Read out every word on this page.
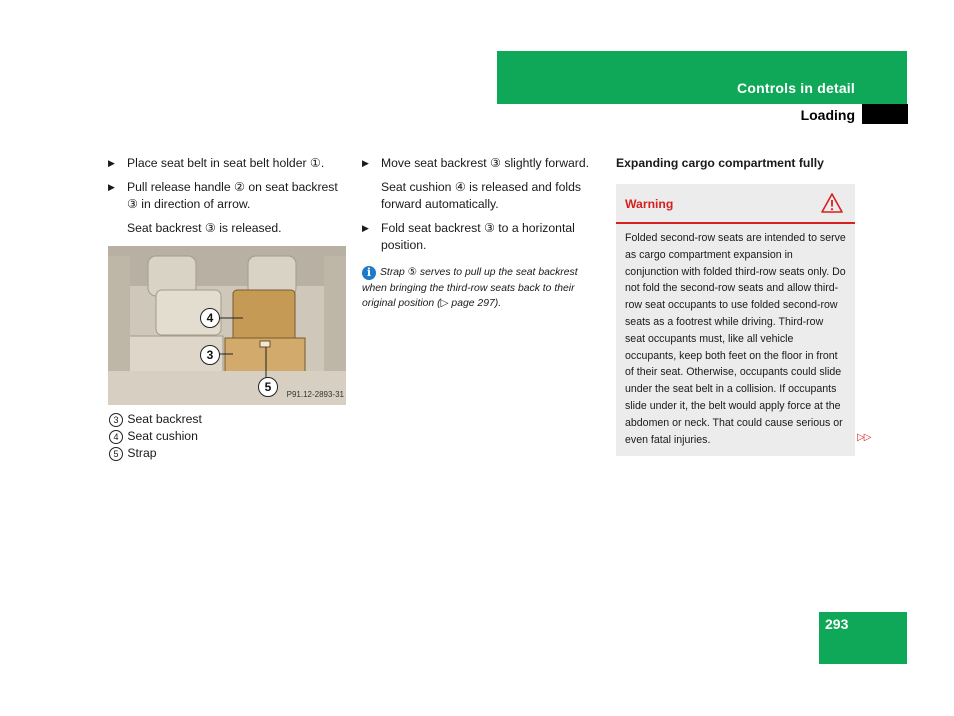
Controls in detail
Loading
▶ Place seat belt in seat belt holder ①.
▶ Pull release handle ② on seat backrest ③ in direction of arrow.
Seat backrest ③ is released.
4
3
5
P91.12-2893-31
3 Seat backrest
4 Seat cushion
5 Strap
▶ Move seat backrest ③ slightly forward.
Seat cushion ④ is released and folds forward automatically.
▶ Fold seat backrest ③ to a horizontal position.
i Strap ⑤ serves to pull up the seat backrest when bringing the third-row seats back to their original position (▷ page 297).
Expanding cargo compartment fully
Warning
Folded second-row seats are intended to serve as cargo compartment expansion in conjunction with folded third-row seats only. Do not fold the second-row seats and allow third-row seat occupants to use folded second-row seats as a footrest while driving. Third-row seat occupants must, like all vehicle occupants, keep both feet on the floor in front of their seat. Otherwise, occupants could slide under the seat belt in a collision. If occupants slide under it, the belt would apply force at the abdomen or neck. That could cause serious or even fatal injuries.	▷▷
293
